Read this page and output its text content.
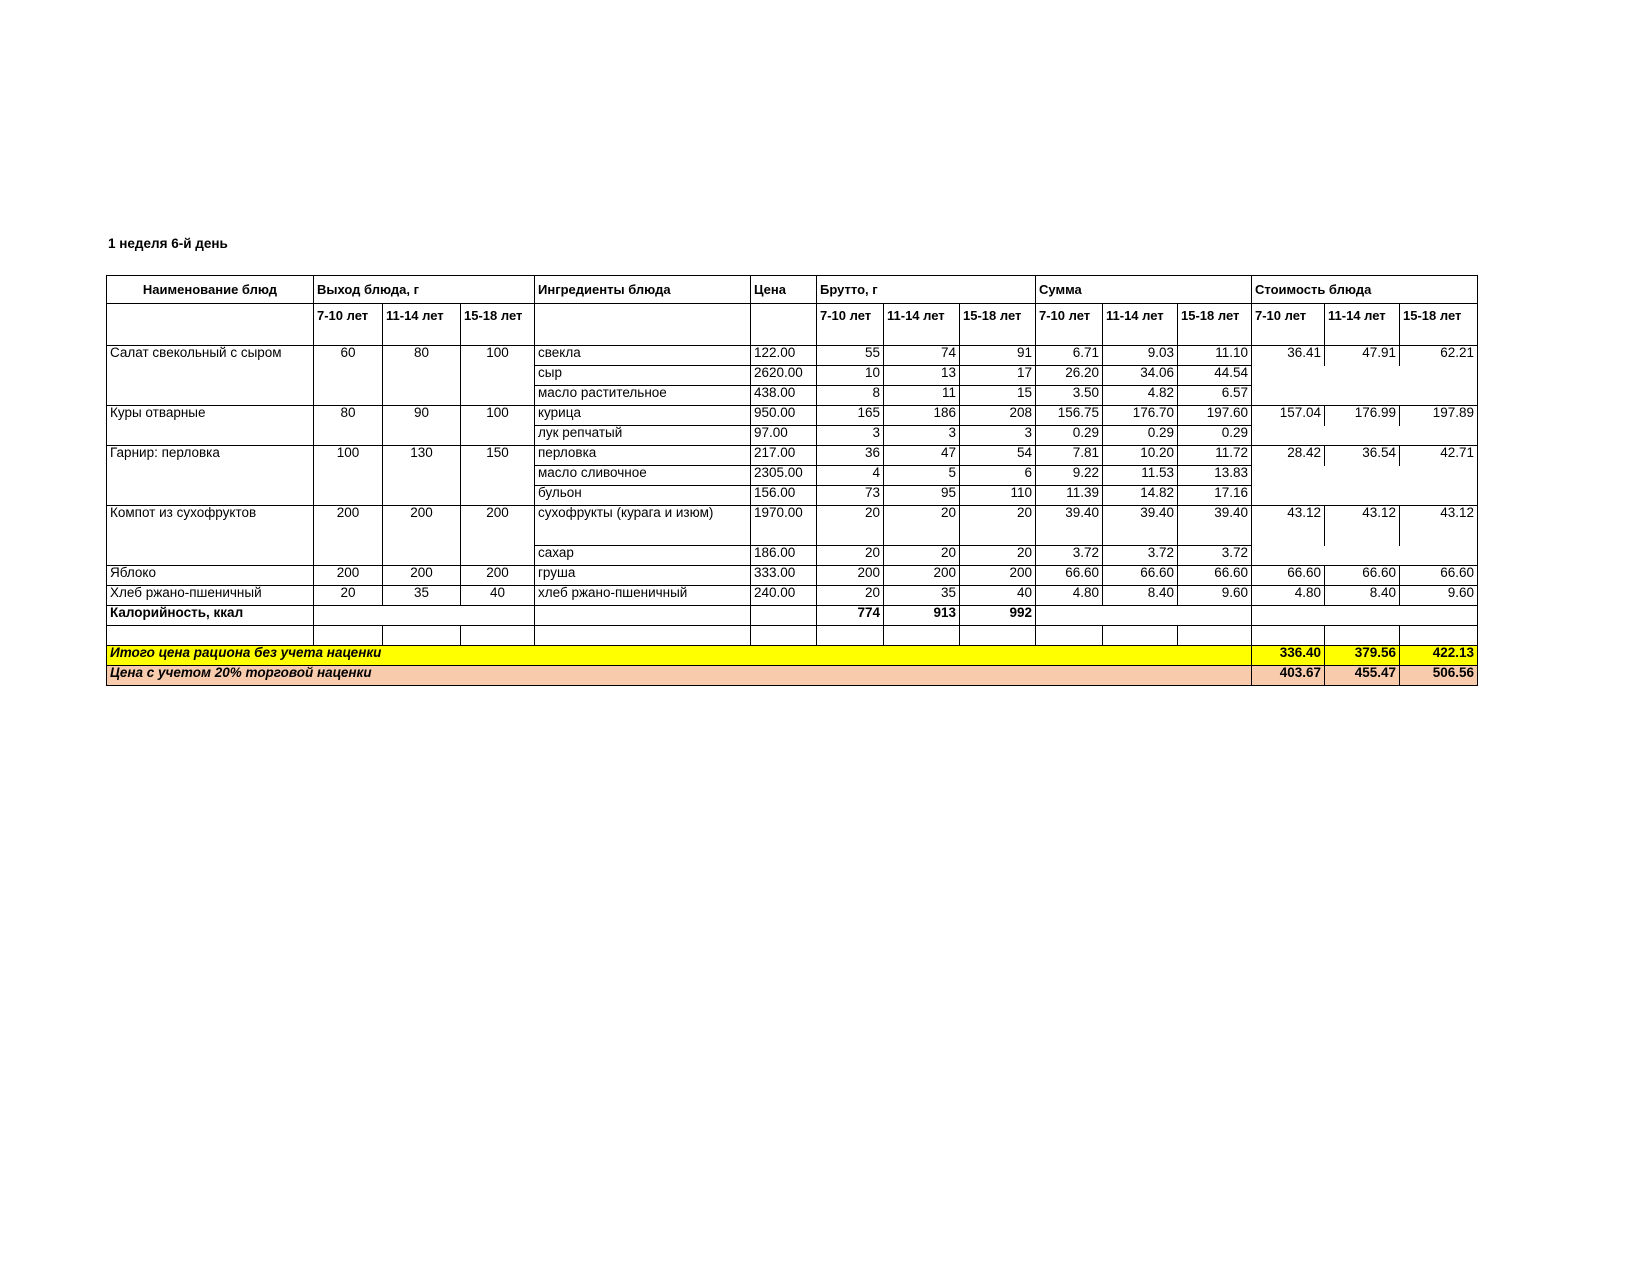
1 неделя 6-й день
Наименование блюд	Выход блюда, г			Ингредиенты блюда	Цена	Брутто, г			Сумма			Стоимость блюда		
	7-10 лет	11-14 лет	15-18 лет			7-10 лет	11-14 лет	15-18 лет	7-10 лет	11-14 лет	15-18 лет	7-10 лет	11-14 лет	15-18 лет
Салат свекольный с сыром	60	80	100	свекла	122.00	55	74	91	6.71	9.03	11.10	36.41	47.91	62.21
				сыр	2620.00	10	13	17	26.20	34.06	44.54			
				масло растительное	438.00	8	11	15	3.50	4.82	6.57			
Куры отварные	80	90	100	курица	950.00	165	186	208	156.75	176.70	197.60	157.04	176.99	197.89
				лук репчатый	97.00	3	3	3	0.29	0.29	0.29			
Гарнир: перловка	100	130	150	перловка	217.00	36	47	54	7.81	10.20	11.72	28.42	36.54	42.71
				масло сливочное	2305.00	4	5	6	9.22	11.53	13.83			
				бульон	156.00	73	95	110	11.39	14.82	17.16			
Компот из сухофруктов	200	200	200	сухофрукты (курага и изюм)	1970.00	20	20	20	39.40	39.40	39.40	43.12	43.12	43.12
				сахар	186.00	20	20	20	3.72	3.72	3.72			
Яблоко	200	200	200	груша	333.00	200	200	200	66.60	66.60	66.60	66.60	66.60	66.60
Хлеб ржано-пшеничный	20	35	40	хлеб ржано-пшеничный	240.00	20	35	40	4.80	8.40	9.60	4.80	8.40	9.60
Калорийность, ккал						774	913	992						

Итого цена рациона без учета наценки												336.40	379.56	422.13
Цена с учетом 20% торговой наценки												403.67	455.47	506.56
